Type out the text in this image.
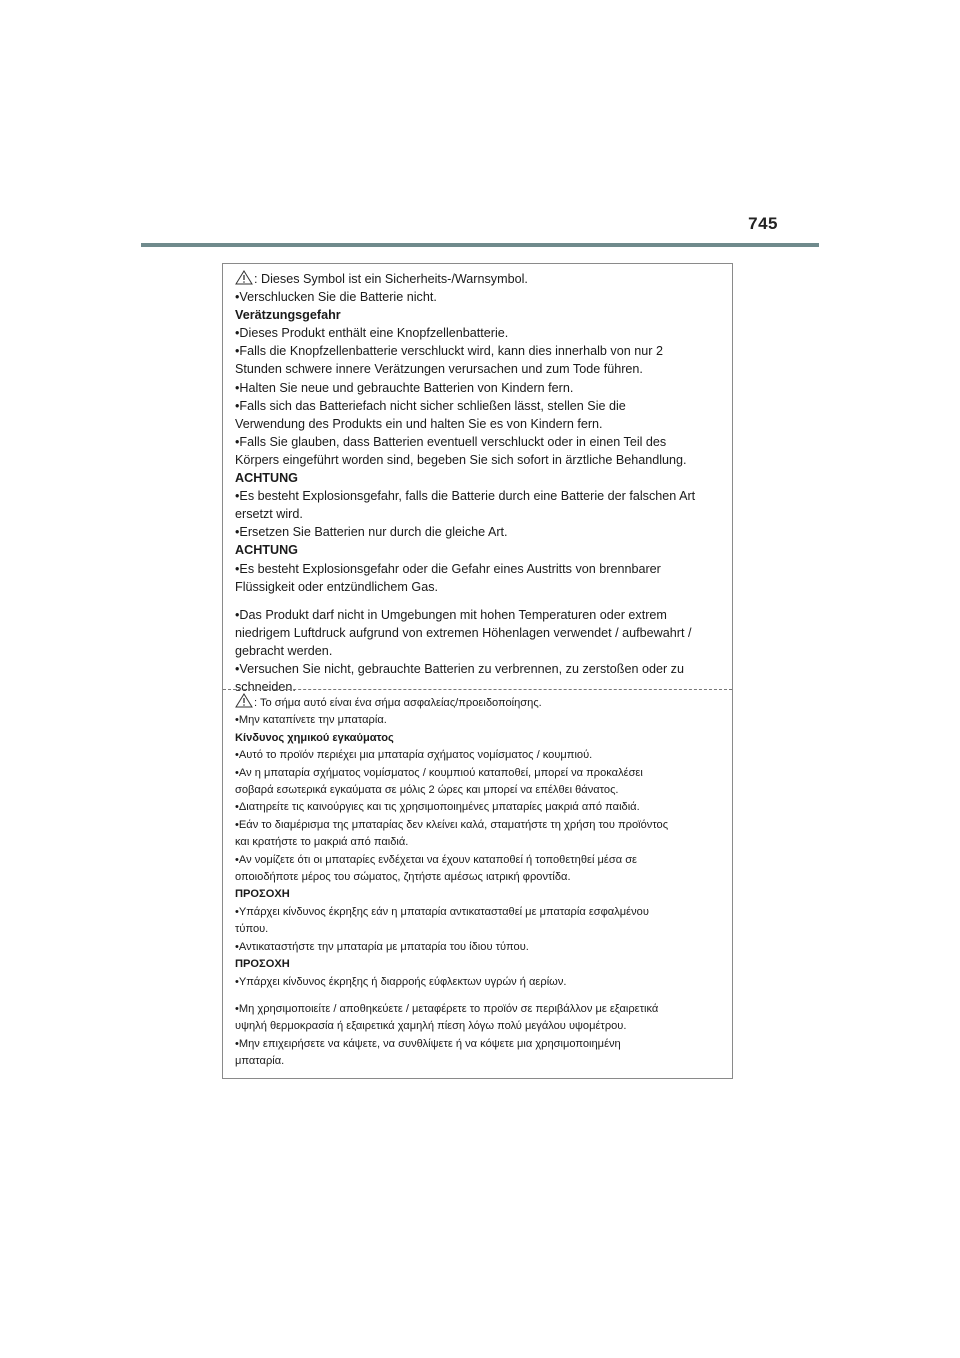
745
: Dieses Symbol ist ein Sicherheits-/Warnsymbol.
•Verschlucken Sie die Batterie nicht.
Verätzungsgefahr
•Dieses Produkt enthält eine Knopfzellenbatterie.
•Falls die Knopfzellenbatterie verschluckt wird, kann dies innerhalb von nur 2
Stunden schwere innere Verätzungen verursachen und zum Tode führen.
•Halten Sie neue und gebrauchte Batterien von Kindern fern.
•Falls sich das Batteriefach nicht sicher schließen lässt, stellen Sie die
Verwendung des Produkts ein und halten Sie es von Kindern fern.
•Falls Sie glauben, dass Batterien eventuell verschluckt oder in einen Teil des
Körpers eingeführt worden sind, begeben Sie sich sofort in ärztliche Behandlung.
ACHTUNG
•Es besteht Explosionsgefahr, falls die Batterie durch eine Batterie der falschen Art
ersetzt wird.
•Ersetzen Sie Batterien nur durch die gleiche Art.
ACHTUNG
•Es besteht Explosionsgefahr oder die Gefahr eines Austritts von brennbarer
Flüssigkeit oder entzündlichem Gas.
•Das Produkt darf nicht in Umgebungen mit hohen Temperaturen oder extrem
niedrigem Luftdruck aufgrund von extremen Höhenlagen verwendet / aufbewahrt /
gebracht werden.
•Versuchen Sie nicht, gebrauchte Batterien zu verbrennen, zu zerstoßen oder zu
schneiden.
: Το σήμα αυτό είναι ένα σήμα ασφαλείας/προειδοποίησης.
•Μην καταπίνετε την μπαταρία.
Κίνδυνος χημικού εγκαύματος
•Αυτό το προϊόν περιέχει μια μπαταρία σχήματος νομίσματος / κουμπιού.
•Αν η μπαταρία σχήματος νομίσματος / κουμπιού καταποθεί, μπορεί να προκαλέσει
σοβαρά εσωτερικά εγκαύματα σε μόλις 2 ώρες και μπορεί να επέλθει θάνατος.
•Διατηρείτε τις καινούργιες και τις χρησιμοποιημένες μπαταρίες μακριά από παιδιά.
•Εάν το διαμέρισμα της μπαταρίας δεν κλείνει καλά, σταματήστε τη χρήση του προϊόντος
και κρατήστε το μακριά από παιδιά.
•Αν νομίζετε ότι οι μπαταρίες ενδέχεται να έχουν καταποθεί ή τοποθετηθεί μέσα σε
οποιοδήποτε μέρος του σώματος, ζητήστε αμέσως ιατρική φροντίδα.
ΠΡΟΣΟΧΗ
•Υπάρχει κίνδυνος έκρηξης εάν η μπαταρία αντικατασταθεί με μπαταρία εσφαλμένου
τύπου.
•Αντικαταστήστε την μπαταρία με μπαταρία του ίδιου τύπου.
ΠΡΟΣΟΧΗ
•Υπάρχει κίνδυνος έκρηξης ή διαρροής εύφλεκτων υγρών ή αερίων.
•Μη χρησιμοποιείτε / αποθηκεύετε / μεταφέρετε το προϊόν σε περιβάλλον με εξαιρετικά
υψηλή θερμοκρασία ή εξαιρετικά χαμηλή πίεση λόγω πολύ μεγάλου υψομέτρου.
•Μην επιχειρήσετε να κάψετε, να συνθλίψετε ή να κόψετε μια χρησιμοποιημένη
μπαταρία.
